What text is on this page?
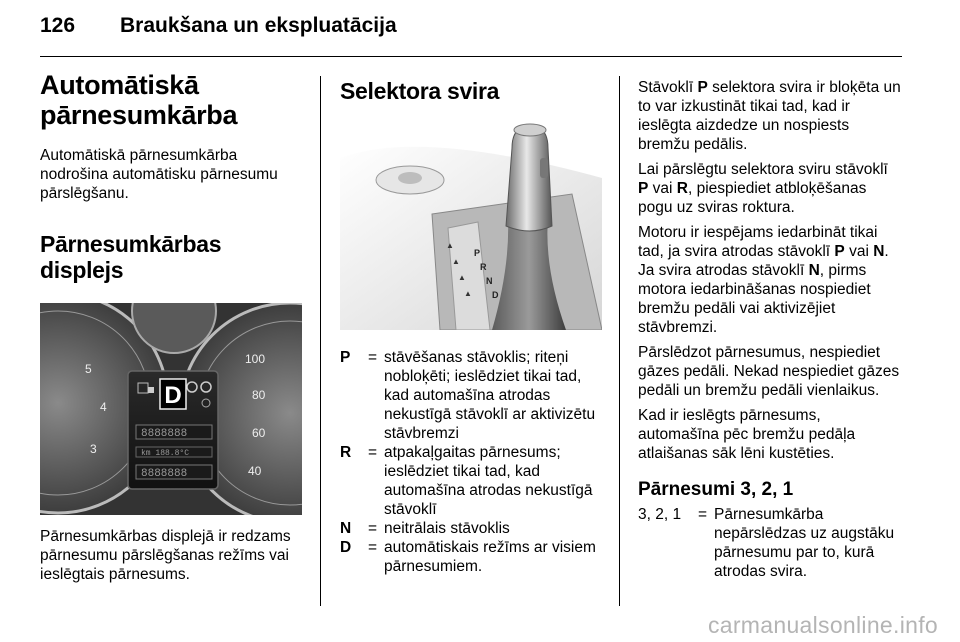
126 Braukšana un ekspluatācija
Automātiskā
pārnesumkārba

Automātiskā pārnesumkārba nodrošina automātisku pārnesumu pārslēgšanu.

Pārnesumkārbas displejs
5
4
3
100
80
60
40
8888888
km 188.8°C
8888888
D

Pārnesumkārbas displejā ir redzams pārnesumu pārslēgšanas režīms vai ieslēgtais pārnesums.

Selektora svira
▲
▲
▲
▲
P
R
N
D
P	= stāvēšanas stāvoklis; riteņi nobloķēti; ieslēdziet tikai tad, kad automašīna atrodas nekustīgā stāvoklī ar aktivizētu stāvbremzi
R	= atpakaļgaitas pārnesums; ieslēdziet tikai tad, kad automašīna atrodas nekustīgā stāvoklī
N	= neitrālais stāvoklis
D	= automātiskais režīms ar visiem pārnesumiem.

Stāvoklī P selektora svira ir bloķēta un to var izkustināt tikai tad, kad ir ieslēgta aizdedze un nospiests bremžu pedālis.

Lai pārslēgtu selektora sviru stāvoklī P vai R, piespiediet atbloķēšanas pogu uz sviras roktura.

Motoru ir iespējams iedarbināt tikai tad, ja svira atrodas stāvoklī P vai N. Ja svira atrodas stāvoklī N, pirms motora iedarbināšanas nospiediet bremžu pedāli vai aktivizējiet stāvbremzi.

Pārslēdzot pārnesumus, nespiediet gāzes pedāli. Nekad nespiediet gāzes pedāli un bremžu pedāli vienlaikus.

Kad ir ieslēgts pārnesums, automašīna pēc bremžu pedāļa atlaišanas sāk lēni kustēties.

Pārnesumi 3, 2, 1
3, 2, 1	= Pārnesumkārba nepārslēdzas uz augstāku pārnesumu par to, kurā atrodas svira.
carmanualsonline.info
